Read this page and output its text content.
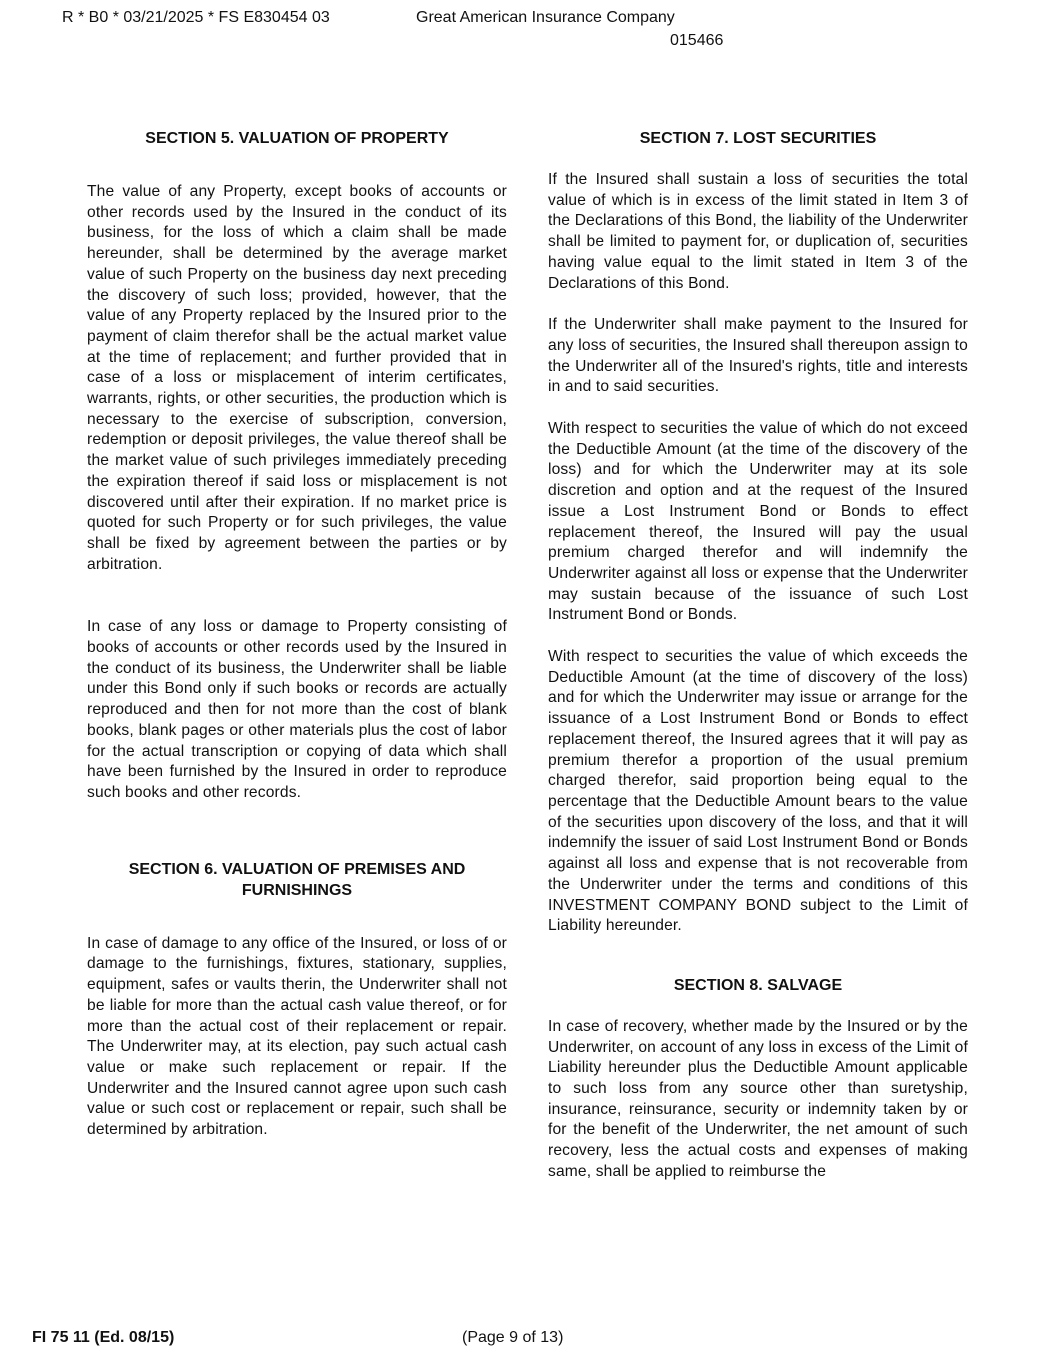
R * B0 * 03/21/2025 * FS E830454 03	Great American Insurance Company
015466
SECTION 5. VALUATION OF PROPERTY

The value of any Property, except books of accounts or other records used by the Insured in the conduct of its business, for the loss of which a claim shall be made hereunder, shall be determined by the average market value of such Property on the business day next preceding the discovery of such loss; provided, however, that the value of any Property replaced by the Insured prior to the payment of claim therefor shall be the actual market value at the time of replacement; and further provided that in case of a loss or misplacement of interim certificates, warrants, rights, or other securities, the production which is necessary to the exercise of subscription, conversion, redemption or deposit privileges, the value thereof shall be the market value of such privileges immediately preceding the expiration thereof if said loss or misplacement is not discovered until after their expiration. If no market price is quoted for such Property or for such privileges, the value shall be fixed by agreement between the parties or by arbitration.

In case of any loss or damage to Property consisting of books of accounts or other records used by the Insured in the conduct of its business, the Underwriter shall be liable under this Bond only if such books or records are actually reproduced and then for not more than the cost of blank books, blank pages or other materials plus the cost of labor for the actual transcription or copying of data which shall have been furnished by the Insured in order to reproduce such books and other records.

SECTION 6. VALUATION OF PREMISES AND
FURNISHINGS

In case of damage to any office of the Insured, or loss of or damage to the furnishings, fixtures, stationary, supplies, equipment, safes or vaults therin, the Underwriter shall not be liable for more than the actual cash value thereof, or for more than the actual cost of their replacement or repair. The Underwriter may, at its election, pay such actual cash value or make such replacement or repair. If the Underwriter and the Insured cannot agree upon such cash value or such cost or replacement or repair, such shall be determined by arbitration.

SECTION 7. LOST SECURITIES

If the Insured shall sustain a loss of securities the total value of which is in excess of the limit stated in Item 3 of the Declarations of this Bond, the liability of the Underwriter shall be limited to payment for, or duplication of, securities having value equal to the limit stated in Item 3 of the Declarations of this Bond.

If the Underwriter shall make payment to the Insured for any loss of securities, the Insured shall thereupon assign to the Underwriter all of the Insured's rights, title and interests in and to said securities.

With respect to securities the value of which do not exceed the Deductible Amount (at the time of the discovery of the loss) and for which the Underwriter may at its sole discretion and option and at the request of the Insured issue a Lost Instrument Bond or Bonds to effect replacement thereof, the Insured will pay the usual premium charged therefor and will indemnify the Underwriter against all loss or expense that the Underwriter may sustain because of the issuance of such Lost Instrument Bond or Bonds.

With respect to securities the value of which exceeds the Deductible Amount (at the time of discovery of the loss) and for which the Underwriter may issue or arrange for the issuance of a Lost Instrument Bond or Bonds to effect replacement thereof, the Insured agrees that it will pay as premium therefor a proportion of the usual premium charged therefor, said proportion being equal to the percentage that the Deductible Amount bears to the value of the securities upon discovery of the loss, and that it will indemnify the issuer of said Lost Instrument Bond or Bonds against all loss and expense that is not recoverable from the Underwriter under the terms and conditions of this INVESTMENT COMPANY BOND subject to the Limit of Liability hereunder.

SECTION 8. SALVAGE

In case of recovery, whether made by the Insured or by the Underwriter, on account of any loss in excess of the Limit of Liability hereunder plus the Deductible Amount applicable to such loss from any source other than suretyship, insurance, reinsurance, security or indemnity taken by or for the benefit of the Underwriter, the net amount of such recovery, less the actual costs and expenses of making same, shall be applied to reimburse the

FI 75 11 (Ed. 08/15)	(Page 9 of 13)
